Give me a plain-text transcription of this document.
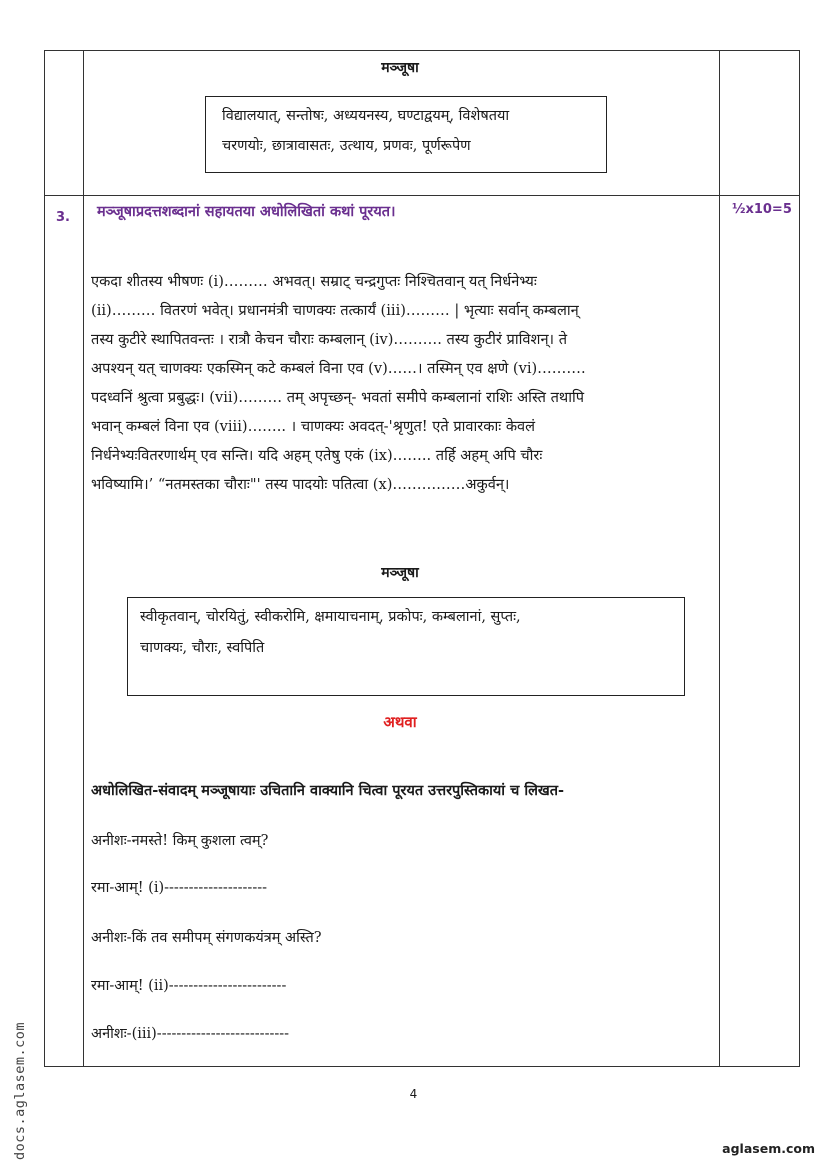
मञ्जूषा
विद्यालयात्, सन्तोषः, अध्ययनस्य, घण्टाद्वयम्, विशेषतया
चरणयोः, छात्रावासतः, उत्थाय, प्रणवः, पूर्णरूपेण
3. मञ्जूषाप्रदत्तशब्दानां सहायतया अधोलिखितां कथां पूरयत।	½x10=5
एकदा शीतस्य भीषणः (i)……… अभवत्। सम्राट् चन्द्रगुप्तः निश्चितवान् यत् निर्धनेभ्यः
(ii)……… वितरणं भवेत्। प्रधानमंत्री चाणक्यः तत्कार्यं (iii)……… | भृत्याः सर्वान् कम्बलान्
तस्य कुटीरे स्थापितवन्तः । रात्रौ केचन चौराः कम्बलान् (iv)………. तस्य कुटीरं प्राविशन्। ते
अपश्यन् यत् चाणक्यः एकस्मिन् कटे कम्बलं विना एव (v)……। तस्मिन् एव क्षणे (vi)……….
पदध्वनिं श्रुत्वा प्रबुद्धः। (vii)……… तम् अपृच्छन्- भवतां समीपे कम्बलानां राशिः अस्ति तथापि
भवान् कम्बलं विना एव (viii)…….. । चाणक्यः अवदत्-'श्रृणुत! एते प्रावारकाः केवलं
निर्धनेभ्यःवितरणार्थम् एव सन्ति। यदि अहम् एतेषु एकं (ix)…….. तर्हि अहम् अपि चौरः
भविष्यामि।’ “नतमस्तका चौराः"' तस्य पादयोः पतित्वा (x)……………अकुर्वन्।
मञ्जूषा
स्वीकृतवान्, चोरयितुं, स्वीकरोमि, क्षमायाचनाम्, प्रकोपः, कम्बलानां, सुप्तः,
चाणक्यः, चौराः, स्वपिति
अथवा
अधोलिखित-संवादम् मञ्जूषायाः उचितानि वाक्यानि चित्वा पूरयत उत्तरपुस्तिकायां च लिखत-
अनीशः-नमस्ते! किम् कुशला त्वम्?
रमा-आम्! (i)---------------------
अनीशः-किं तव समीपम् संगणकयंत्रम् अस्ति?
रमा-आम्! (ii)------------------------
अनीशः-(iii)---------------------------
4
docs.aglasem.com	aglasem.com
